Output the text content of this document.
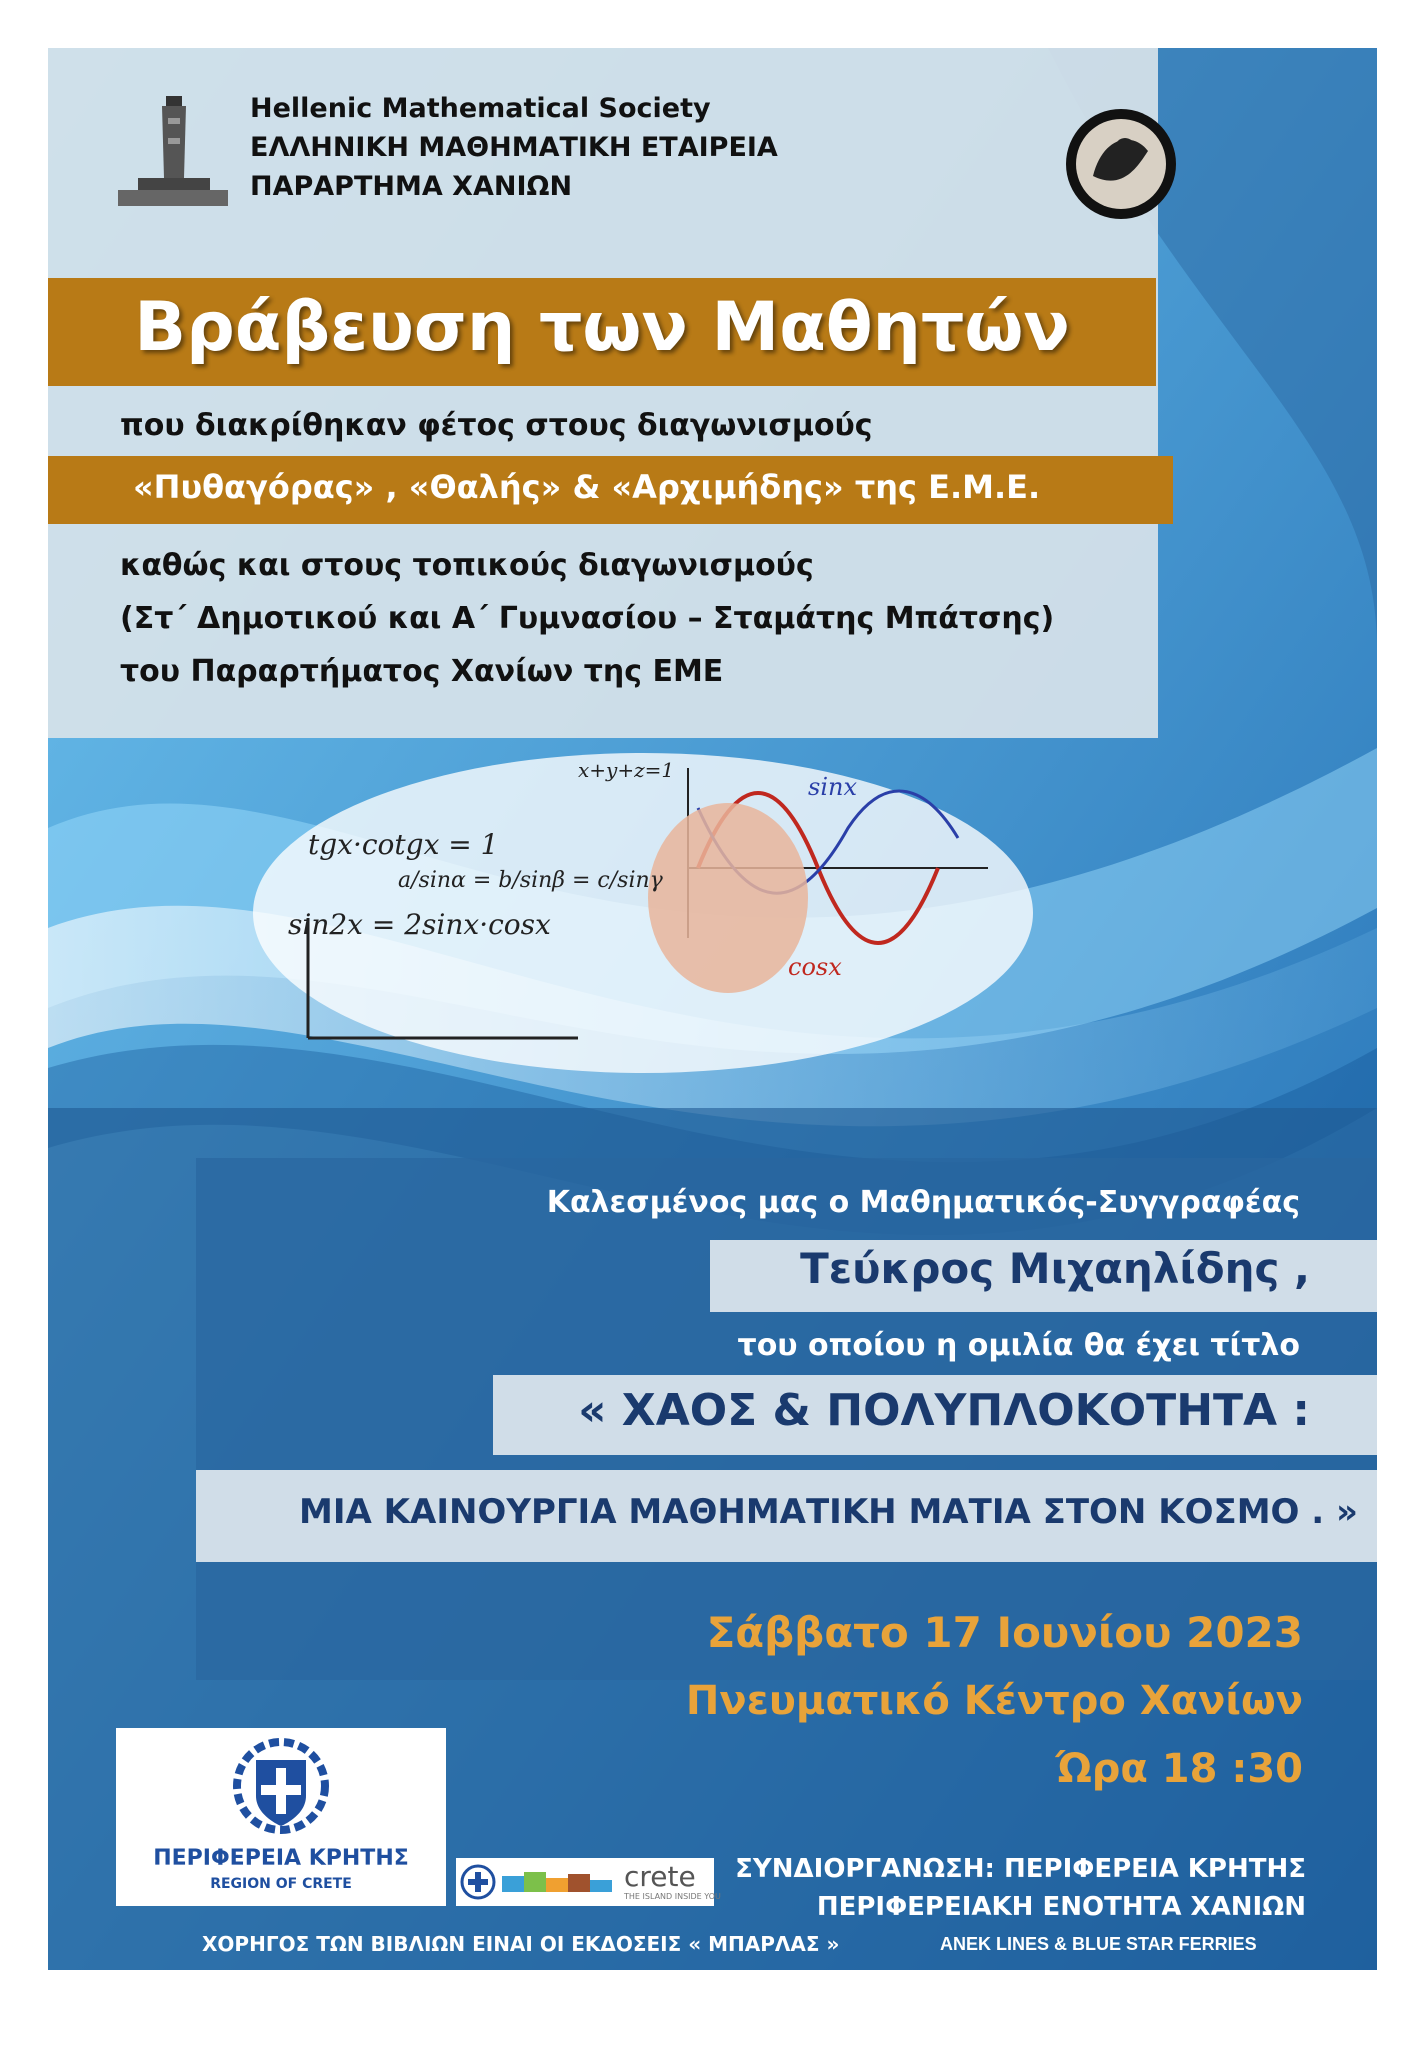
Hellenic Mathematical Society
ΕΛΛΗΝΙΚΗ ΜΑΘΗΜΑΤΙΚΗ ΕΤΑΙΡΕΙΑ
ΠΑΡΑΡΤΗΜΑ ΧΑΝΙΩΝ
Βράβευση των Μαθητών
που διακρίθηκαν φέτος στους διαγωνισμούς
«Πυθαγόρας» , «Θαλής» & «Αρχιμήδης» της Ε.Μ.Ε.
καθώς και στους τοπικούς διαγωνισμούς
(Στ΄ Δημοτικού και Α΄ Γυμνασίου – Σταμάτης Μπάτσης)
του Παραρτήματος Χανίων της ΕΜΕ
tgx·cotgx = 1
sin2x = 2sinx·cosx
sinx
cosx
x+y+z=1
a/sinα = b/sinβ = c/sinγ
Καλεσμένος μας ο Μαθηματικός-Συγγραφέας
Τεύκρος Μιχαηλίδης ,
του οποίου η ομιλία θα έχει τίτλο
« ΧΑΟΣ & ΠΟΛΥΠΛΟΚΟΤΗΤΑ :
ΜΙΑ ΚΑΙΝΟΥΡΓΙΑ ΜΑΘΗΜΑΤΙΚΗ ΜΑΤΙΑ ΣΤΟΝ ΚΟΣΜΟ . »
Σάββατο 17 Ιουνίου 2023
Πνευματικό Κέντρο Χανίων
Ώρα 18 :30
ΠΕΡΙΦΕΡΕΙΑ ΚΡΗΤΗΣ
REGION OF CRETE	crete
THE ISLAND INSIDE YOU
ΣΥΝΔΙΟΡΓΑΝΩΣΗ: ΠΕΡΙΦΕΡΕΙΑ ΚΡΗΤΗΣ
ΠΕΡΙΦΕΡΕΙΑΚΗ ΕΝΟΤΗΤΑ ΧΑΝΙΩΝ
ΧΟΡΗΓΟΣ ΤΩΝ ΒΙΒΛΙΩΝ ΕΙΝΑΙ ΟΙ ΕΚΔΟΣΕΙΣ « ΜΠΑΡΛΑΣ »	ANEK LINES & BLUE STAR FERRIES
